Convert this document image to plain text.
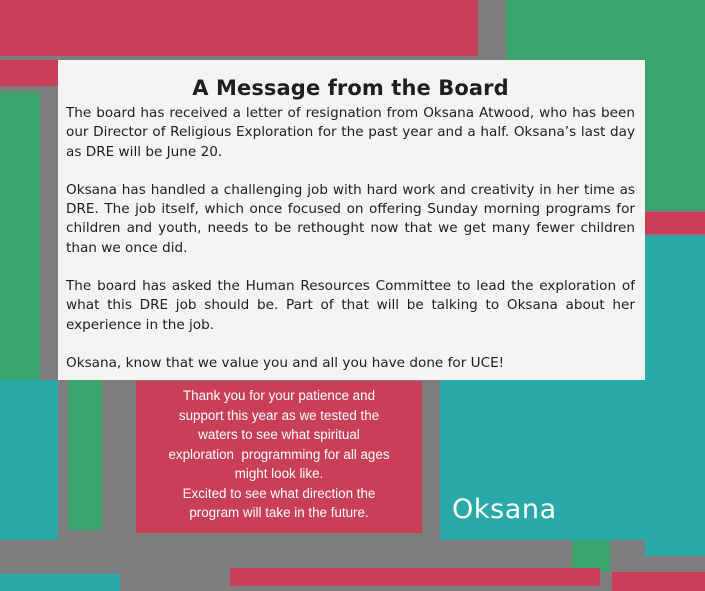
A Message from the Board

The board has received a letter of resignation from Oksana Atwood, who has been our Director of Religious Exploration for the past year and a half. Oksana’s last day as DRE will be June 20.

Oksana has handled a challenging job with hard work and creativity in her time as DRE. The job itself, which once focused on offering Sunday morning programs for children and youth, needs to be rethought now that we get many fewer children than we once did.

The board has asked the Human Resources Committee to lead the exploration of what this DRE job should be. Part of that will be talking to Oksana about her experience in the job.

Oksana, know that we value you and all you have done for UCE!

Thank you for your patience and
support this year as we tested the
waters to see what spiritual
exploration  programming for all ages
might look like.
Excited to see what direction the
program will take in the future.	Oksana
